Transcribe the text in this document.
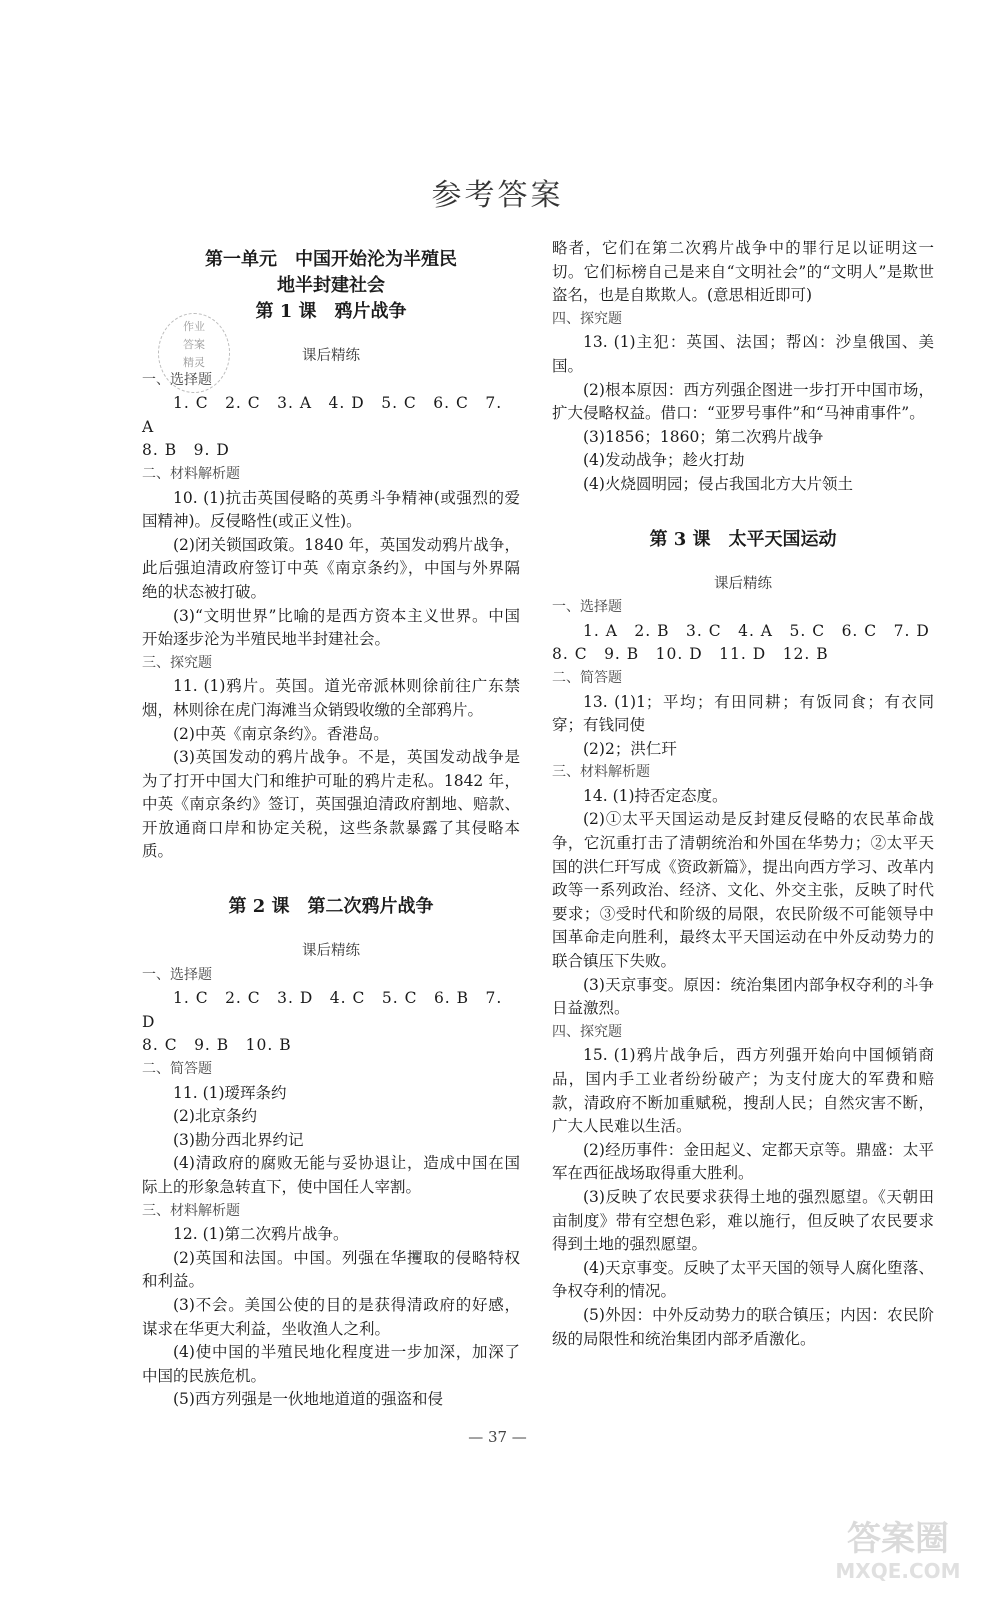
参考答案
作业
答案
精灵
第一单元　中国开始沦为半殖民
地半封建社会
第 1 课　鸦片战争
课后精练
一、选择题
1. C　2. C　3. A　4. D　5. C　6. C　7. A
8. B　9. D
二、材料解析题
10. (1)抗击英国侵略的英勇斗争精神(或强烈的爱国精神)。反侵略性(或正义性)。
(2)闭关锁国政策。1840 年，英国发动鸦片战争，此后强迫清政府签订中英《南京条约》，中国与外界隔绝的状态被打破。
(3)“文明世界”比喻的是西方资本主义世界。中国开始逐步沦为半殖民地半封建社会。
三、探究题
11. (1)鸦片。英国。道光帝派林则徐前往广东禁烟，林则徐在虎门海滩当众销毁收缴的全部鸦片。
(2)中英《南京条约》。香港岛。
(3)英国发动的鸦片战争。不是，英国发动战争是为了打开中国大门和维护可耻的鸦片走私。1842 年，中英《南京条约》签订，英国强迫清政府割地、赔款、开放通商口岸和协定关税，这些条款暴露了其侵略本质。
第 2 课　第二次鸦片战争
课后精练
一、选择题
1. C　2. C　3. D　4. C　5. C　6. B　7. D
8. C　9. B　10. B
二、简答题
11. (1)瑷珲条约
(2)北京条约
(3)勘分西北界约记
(4)清政府的腐败无能与妥协退让，造成中国在国际上的形象急转直下，使中国任人宰割。
三、材料解析题
12. (1)第二次鸦片战争。
(2)英国和法国。中国。列强在华攫取的侵略特权和利益。
(3)不会。美国公使的目的是获得清政府的好感，谋求在华更大利益，坐收渔人之利。
(4)使中国的半殖民地化程度进一步加深，加深了中国的民族危机。
(5)西方列强是一伙地地道道的强盗和侵
略者，它们在第二次鸦片战争中的罪行足以证明这一切。它们标榜自己是来自“文明社会”的“文明人”是欺世盗名，也是自欺欺人。(意思相近即可)
四、探究题
13. (1)主犯：英国、法国；帮凶：沙皇俄国、美国。
(2)根本原因：西方列强企图进一步打开中国市场，扩大侵略权益。借口：“亚罗号事件”和“马神甫事件”。
(3)1856；1860；第二次鸦片战争
(4)发动战争；趁火打劫
(4)火烧圆明园；侵占我国北方大片领土
第 3 课　太平天国运动
课后精练
一、选择题
1. A　2. B　3. C　4. A　5. C　6. C　7. D
8. C　9. B　10. D　11. D　12. B
二、简答题
13. (1)1；平均；有田同耕；有饭同食；有衣同穿；有钱同使
(2)2；洪仁玕
三、材料解析题
14. (1)持否定态度。
(2)①太平天国运动是反封建反侵略的农民革命战争，它沉重打击了清朝统治和外国在华势力；②太平天国的洪仁玕写成《资政新篇》，提出向西方学习、改革内政等一系列政治、经济、文化、外交主张，反映了时代要求；③受时代和阶级的局限，农民阶级不可能领导中国革命走向胜利，最终太平天国运动在中外反动势力的联合镇压下失败。
(3)天京事变。原因：统治集团内部争权夺利的斗争日益激烈。
四、探究题
15. (1)鸦片战争后，西方列强开始向中国倾销商品，国内手工业者纷纷破产；为支付庞大的军费和赔款，清政府不断加重赋税，搜刮人民；自然灾害不断，广大人民难以生活。
(2)经历事件：金田起义、定都天京等。鼎盛：太平军在西征战场取得重大胜利。
(3)反映了农民要求获得土地的强烈愿望。《天朝田亩制度》带有空想色彩，难以施行，但反映了农民要求得到土地的强烈愿望。
(4)天京事变。反映了太平天国的领导人腐化堕落、争权夺利的情况。
(5)外因：中外反动势力的联合镇压；内因：农民阶级的局限性和统治集团内部矛盾激化。
— 37 —
答案圈
MXQE.COM
